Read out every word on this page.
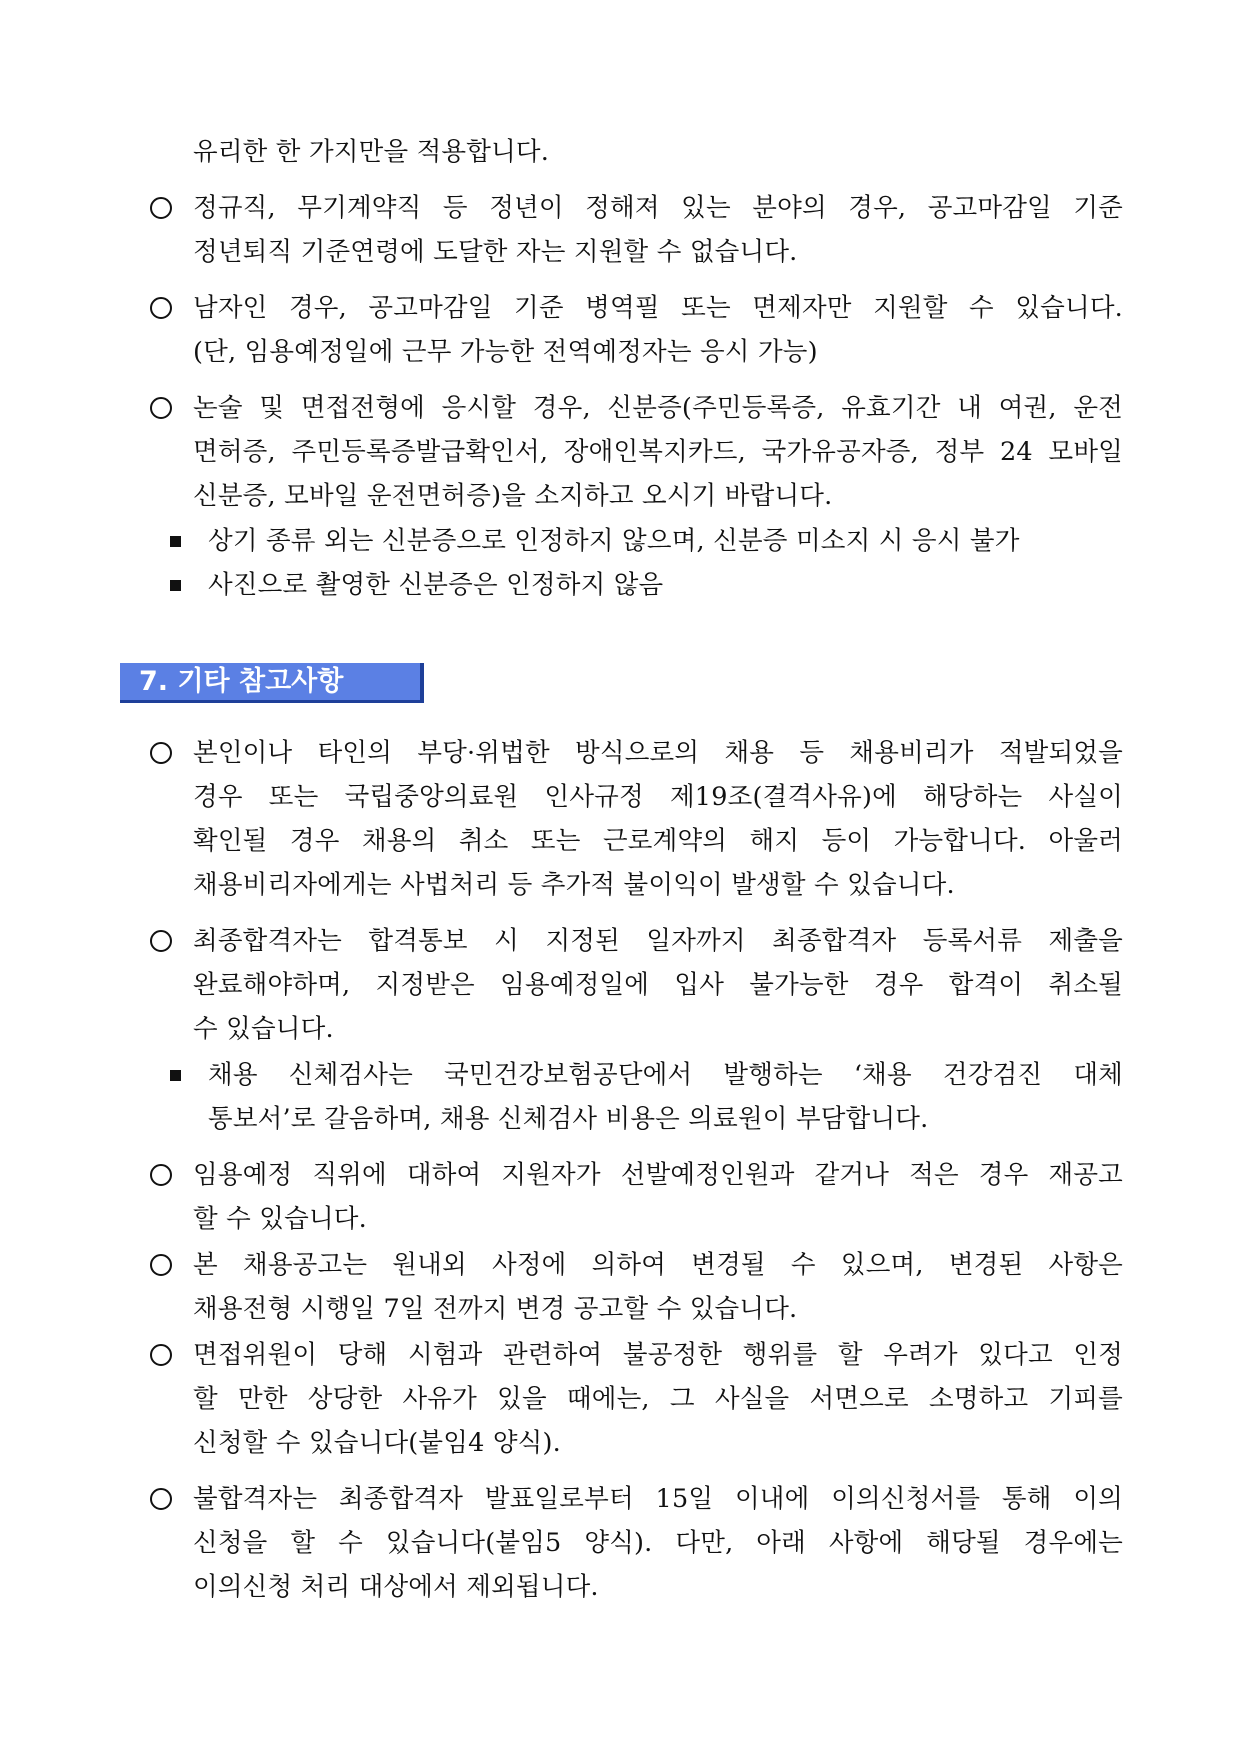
유리한 한 가지만을 적용합니다.
정규직, 무기계약직 등 정년이 정해져 있는 분야의 경우, 공고마감일 기준
정년퇴직 기준연령에 도달한 자는 지원할 수 없습니다.
남자인 경우, 공고마감일 기준 병역필 또는 면제자만 지원할 수 있습니다.
(단, 임용예정일에 근무 가능한 전역예정자는 응시 가능)
논술 및 면접전형에 응시할 경우, 신분증(주민등록증, 유효기간 내 여권, 운전
면허증, 주민등록증발급확인서, 장애인복지카드, 국가유공자증, 정부 24 모바일
신분증, 모바일 운전면허증)을 소지하고 오시기 바랍니다.
상기 종류 외는 신분증으로 인정하지 않으며, 신분증 미소지 시 응시 불가
사진으로 촬영한 신분증은 인정하지 않음
7. 기타 참고사항
본인이나 타인의 부당·위법한 방식으로의 채용 등 채용비리가 적발되었을
경우 또는 국립중앙의료원 인사규정 제19조(결격사유)에 해당하는 사실이
확인될 경우 채용의 취소 또는 근로계약의 해지 등이 가능합니다. 아울러
채용비리자에게는 사법처리 등 추가적 불이익이 발생할 수 있습니다.
최종합격자는 합격통보 시 지정된 일자까지 최종합격자 등록서류 제출을
완료해야하며, 지정받은 임용예정일에 입사 불가능한 경우 합격이 취소될
수 있습니다.
채용 신체검사는 국민건강보험공단에서 발행하는 ‘채용 건강검진 대체
통보서’로 갈음하며, 채용 신체검사 비용은 의료원이 부담합니다.
임용예정 직위에 대하여 지원자가 선발예정인원과 같거나 적은 경우 재공고
할 수 있습니다.
본 채용공고는 원내외 사정에 의하여 변경될 수 있으며, 변경된 사항은
채용전형 시행일 7일 전까지 변경 공고할 수 있습니다.
면접위원이 당해 시험과 관련하여 불공정한 행위를 할 우려가 있다고 인정
할 만한 상당한 사유가 있을 때에는, 그 사실을 서면으로 소명하고 기피를
신청할 수 있습니다(붙임4 양식).
불합격자는 최종합격자 발표일로부터 15일 이내에 이의신청서를 통해 이의
신청을 할 수 있습니다(붙임5 양식). 다만, 아래 사항에 해당될 경우에는
이의신청 처리 대상에서 제외됩니다.
